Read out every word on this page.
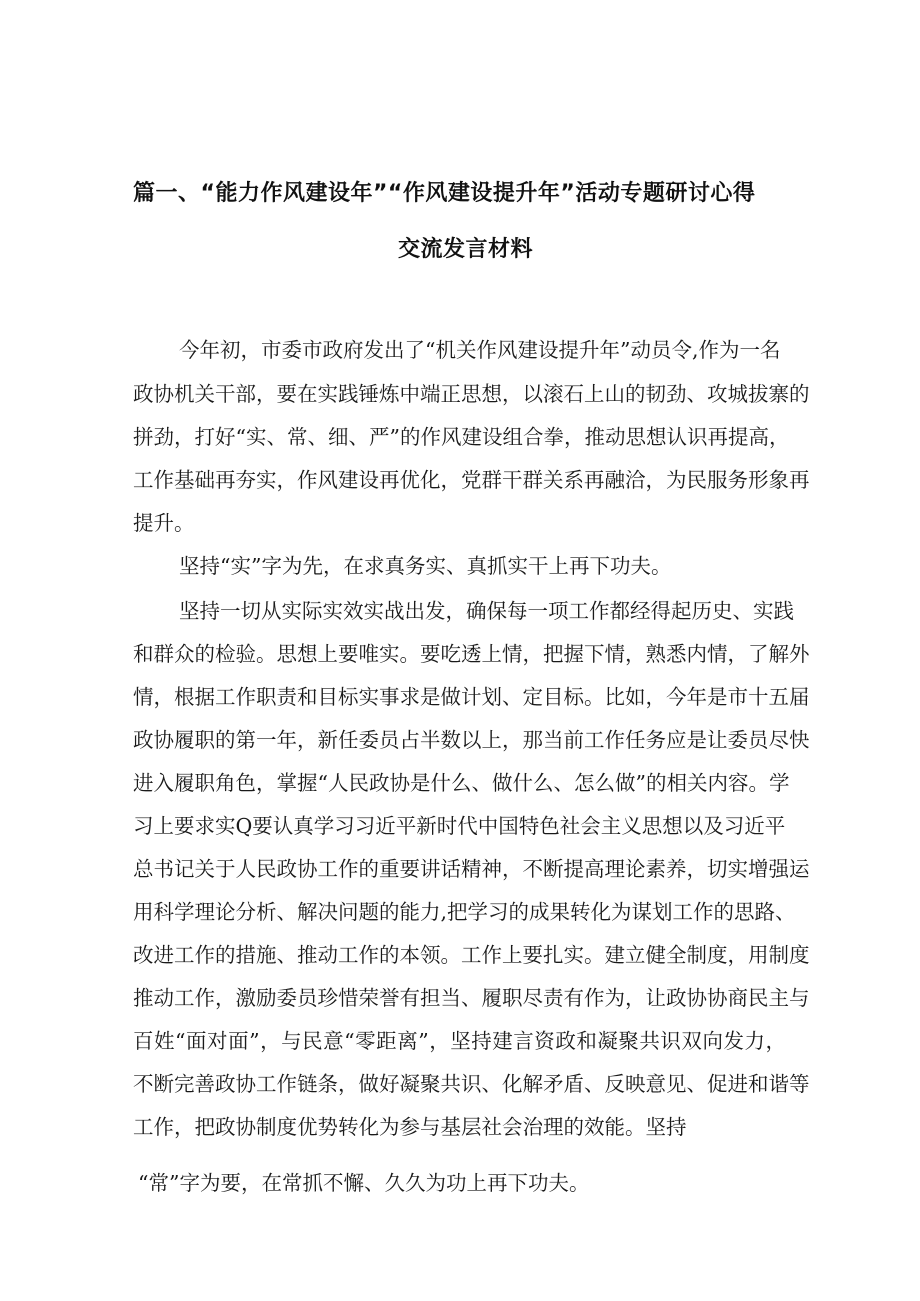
篇一、“能力作风建设年”“作风建设提升年”活动专题研讨心得
交流发言材料
今年初，市委市政府发出了“机关作风建设提升年”动员令,作为一名
政协机关干部，要在实践锤炼中端正思想，以滚石上山的韧劲、攻城拔寨的
拼劲，打好“实、常、细、严”的作风建设组合拳，推动思想认识再提高，
工作基础再夯实，作风建设再优化，党群干群关系再融洽，为民服务形象再
提升。
坚持“实”字为先，在求真务实、真抓实干上再下功夫。
坚持一切从实际实效实战出发，确保每一项工作都经得起历史、实践
和群众的检验。思想上要唯实。要吃透上情，把握下情，熟悉内情，了解外
情，根据工作职责和目标实事求是做计划、定目标。比如，今年是市十五届
政协履职的第一年，新任委员占半数以上，那当前工作任务应是让委员尽快
进入履职角色，掌握“人民政协是什么、做什么、怎么做”的相关内容。学
习上要求实Q要认真学习习近平新时代中国特色社会主义思想以及习近平
总书记关于人民政协工作的重要讲话精神，不断提高理论素养，切实增强运
用科学理论分析、解决问题的能力,把学习的成果转化为谋划工作的思路、
改进工作的措施、推动工作的本领。工作上要扎实。建立健全制度，用制度
推动工作，激励委员珍惜荣誉有担当、履职尽责有作为，让政协协商民主与
百姓“面对面”，与民意“零距离”，坚持建言资政和凝聚共识双向发力，
不断完善政协工作链条，做好凝聚共识、化解矛盾、反映意见、促进和谐等
工作，把政协制度优势转化为参与基层社会治理的效能。坚持
“常”字为要，在常抓不懈、久久为功上再下功夫。
